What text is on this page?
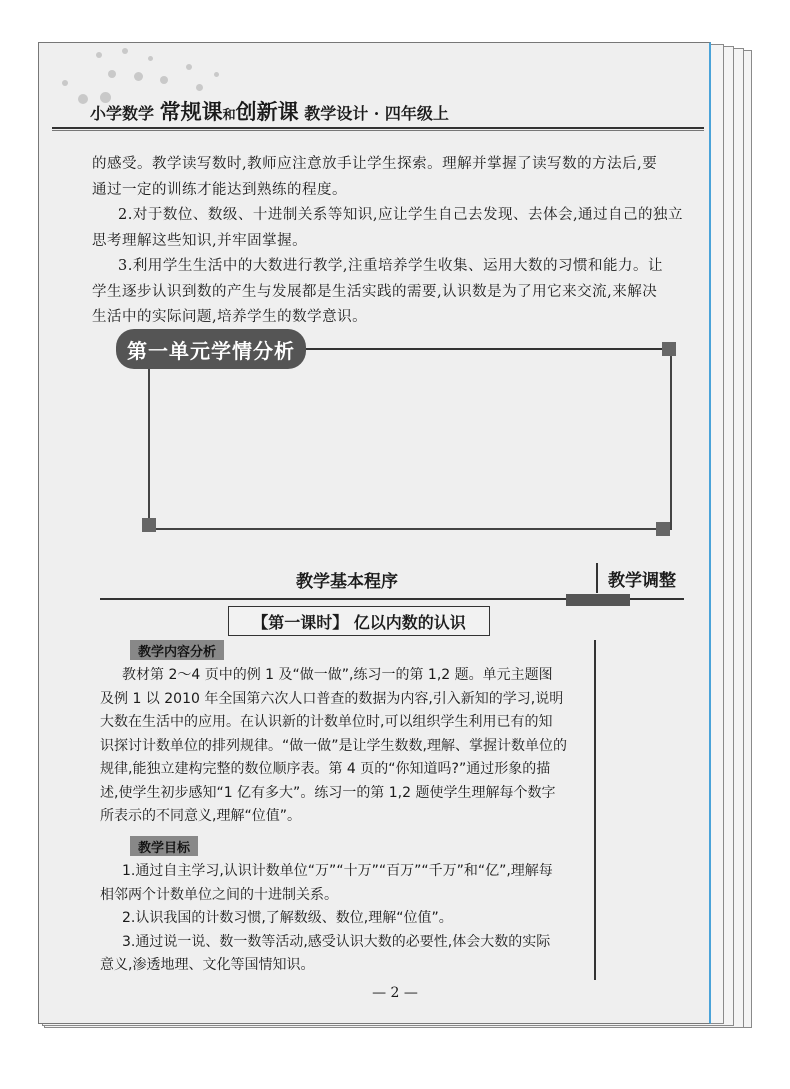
小学数学 常规课和创新课 教学设计 · 四年级上
的感受。教学读写数时,教师应注意放手让学生探索。理解并掌握了读写数的方法后,要
通过一定的训练才能达到熟练的程度。
2.对于数位、数级、十进制关系等知识,应让学生自己去发现、去体会,通过自己的独立
思考理解这些知识,并牢固掌握。
3.利用学生生活中的大数进行教学,注重培养学生收集、运用大数的习惯和能力。让
学生逐步认识到数的产生与发展都是生活实践的需要,认识数是为了用它来交流,来解决
生活中的实际问题,培养学生的数学意识。
第一单元学情分析
教学基本程序	教学调整
【第一课时】 亿以内数的认识
教学内容分析
教材第 2～4 页中的例 1 及“做一做”,练习一的第 1,2 题。单元主题图
及例 1 以 2010 年全国第六次人口普查的数据为内容,引入新知的学习,说明
大数在生活中的应用。在认识新的计数单位时,可以组织学生利用已有的知
识探讨计数单位的排列规律。“做一做”是让学生数数,理解、掌握计数单位的
规律,能独立建构完整的数位顺序表。第 4 页的“你知道吗?”通过形象的描
述,使学生初步感知“1 亿有多大”。练习一的第 1,2 题使学生理解每个数字
所表示的不同意义,理解“位值”。
教学目标
1.通过自主学习,认识计数单位“万”“十万”“百万”“千万”和“亿”,理解每
相邻两个计数单位之间的十进制关系。
2.认识我国的计数习惯,了解数级、数位,理解“位值”。
3.通过说一说、数一数等活动,感受认识大数的必要性,体会大数的实际
意义,渗透地理、文化等国情知识。
— 2 —
